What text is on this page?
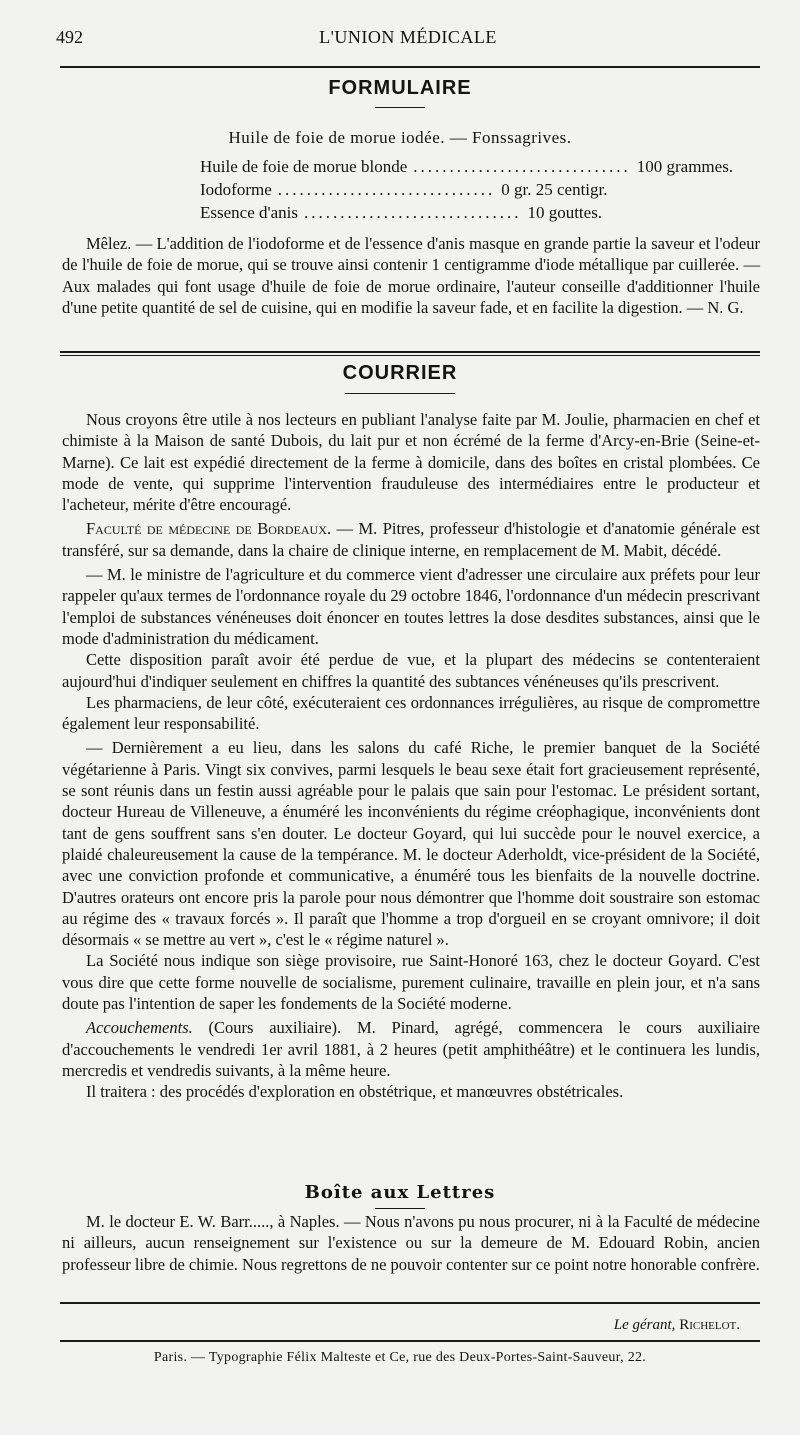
492	L'UNION MÉDICALE
FORMULAIRE
Huile de foie de morue iodée. — Fonssagrives.
Huile de foie de morue blonde .............................. 100 grammes.
Iodoforme .............................. 0 gr. 25 centigr.
Essence d'anis .............................. 10 gouttes.

Mêlez. — L'addition de l'iodoforme et de l'essence d'anis masque en grande partie la saveur et l'odeur de l'huile de foie de morue, qui se trouve ainsi contenir 1 centigramme d'iode métallique par cuillerée. — Aux malades qui font usage d'huile de foie de morue ordinaire, l'auteur conseille d'additionner l'huile d'une petite quantité de sel de cuisine, qui en modifie la saveur fade, et en facilite la digestion. — N. G.

COURRIER

Nous croyons être utile à nos lecteurs en publiant l'analyse faite par M. Joulie, pharmacien en chef et chimiste à la Maison de santé Dubois, du lait pur et non écrémé de la ferme d'Arcy-en-Brie (Seine-et-Marne). Ce lait est expédié directement de la ferme à domicile, dans des boîtes en cristal plombées. Ce mode de vente, qui supprime l'intervention frauduleuse des intermédiaires entre le producteur et l'acheteur, mérite d'être encouragé.

Faculté de médecine de Bordeaux. — M. Pitres, professeur d'histologie et d'anatomie générale est transféré, sur sa demande, dans la chaire de clinique interne, en remplacement de M. Mabit, décédé.

— M. le ministre de l'agriculture et du commerce vient d'adresser une circulaire aux préfets pour leur rappeler qu'aux termes de l'ordonnance royale du 29 octobre 1846, l'ordonnance d'un médecin prescrivant l'emploi de substances vénéneuses doit énoncer en toutes lettres la dose desdites substances, ainsi que le mode d'administration du médicament.

Cette disposition paraît avoir été perdue de vue, et la plupart des médecins se contenteraient aujourd'hui d'indiquer seulement en chiffres la quantité des subtances vénéneuses qu'ils prescrivent.

Les pharmaciens, de leur côté, exécuteraient ces ordonnances irrégulières, au risque de compromettre également leur responsabilité.

— Dernièrement a eu lieu, dans les salons du café Riche, le premier banquet de la Société végétarienne à Paris. Vingt six convives, parmi lesquels le beau sexe était fort gracieusement représenté, se sont réunis dans un festin aussi agréable pour le palais que sain pour l'estomac. Le président sortant, docteur Hureau de Villeneuve, a énuméré les inconvénients du régime créophagique, inconvénients dont tant de gens souffrent sans s'en douter. Le docteur Goyard, qui lui succède pour le nouvel exercice, a plaidé chaleureusement la cause de la tempérance. M. le docteur Aderholdt, vice-président de la Société, avec une conviction profonde et communicative, a énuméré tous les bienfaits de la nouvelle doctrine. D'autres orateurs ont encore pris la parole pour nous démontrer que l'homme doit soustraire son estomac au régime des « travaux forcés ». Il paraît que l'homme a trop d'orgueil en se croyant omnivore; il doit désormais « se mettre au vert », c'est le « régime naturel ».

La Société nous indique son siège provisoire, rue Saint-Honoré 163, chez le docteur Goyard. C'est vous dire que cette forme nouvelle de socialisme, purement culinaire, travaille en plein jour, et n'a sans doute pas l'intention de saper les fondements de la Société moderne.

Accouchements. (Cours auxiliaire). M. Pinard, agrégé, commencera le cours auxiliaire d'accouchements le vendredi 1er avril 1881, à 2 heures (petit amphithéâtre) et le continuera les lundis, mercredis et vendredis suivants, à la même heure.

Il traitera : des procédés d'exploration en obstétrique, et manœuvres obstétricales.

Boîte aux Lettres

M. le docteur E. W. Barr....., à Naples. — Nous n'avons pu nous procurer, ni à la Faculté de médecine ni ailleurs, aucun renseignement sur l'existence ou sur la demeure de M. Edouard Robin, ancien professeur libre de chimie. Nous regrettons de ne pouvoir contenter sur ce point notre honorable confrère.

Le gérant, Richelot.
Paris. — Typographie Félix Malteste et Ce, rue des Deux-Portes-Saint-Sauveur, 22.
